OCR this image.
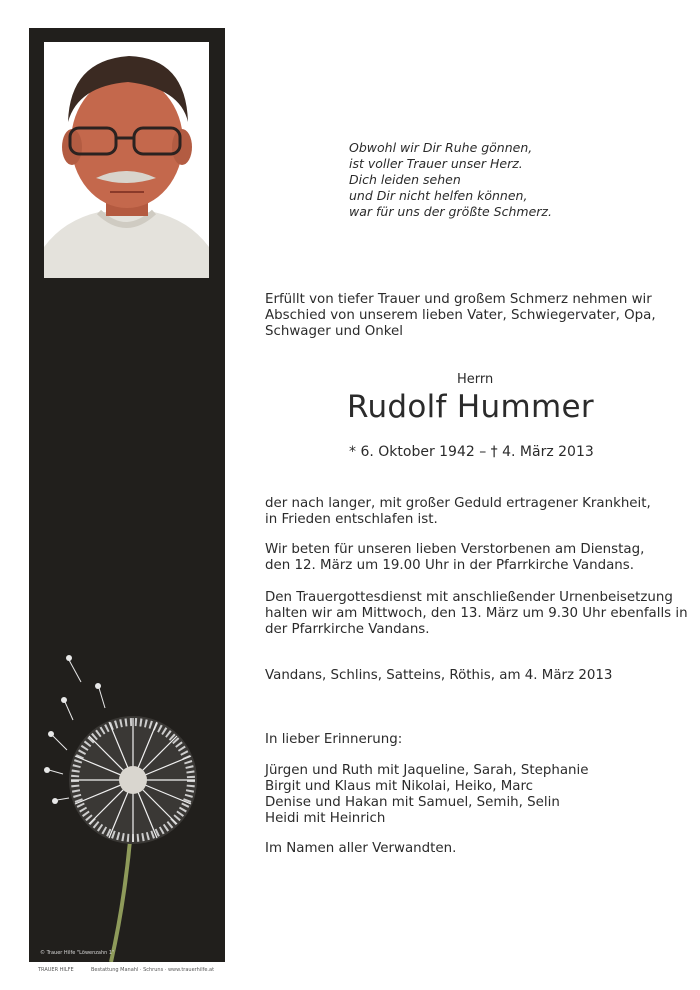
© Trauer Hilfe "Löwenzahn 1"
TRAUER HILFE	Bestattung Manahl · Schruns · www.trauerhilfe.at
Obwohl wir Dir Ruhe gönnen,
ist voller Trauer unser Herz.
Dich leiden sehen
und Dir nicht helfen können,
war für uns der größte Schmerz.
Erfüllt von tiefer Trauer und großem Schmerz nehmen wir
Abschied von unserem lieben Vater, Schwiegervater, Opa,
Schwager und Onkel
Herrn
Rudolf Hummer
* 6. Oktober 1942 – † 4. März 2013
der nach langer, mit großer Geduld ertragener Krankheit,
in Frieden entschlafen ist.
Wir beten für unseren lieben Verstorbenen am Dienstag,
den 12. März um 19.00 Uhr in der Pfarrkirche Vandans.
Den Trauergottesdienst mit anschließender Urnenbeisetzung
halten wir am Mittwoch, den 13. März um 9.30 Uhr ebenfalls in
der Pfarrkirche Vandans.
Vandans, Schlins, Satteins, Röthis, am 4. März 2013
In lieber Erinnerung:
Jürgen und Ruth mit Jaqueline, Sarah, Stephanie
Birgit und Klaus mit Nikolai, Heiko, Marc
Denise und Hakan mit Samuel, Semih, Selin
Heidi mit Heinrich
Im Namen aller Verwandten.
